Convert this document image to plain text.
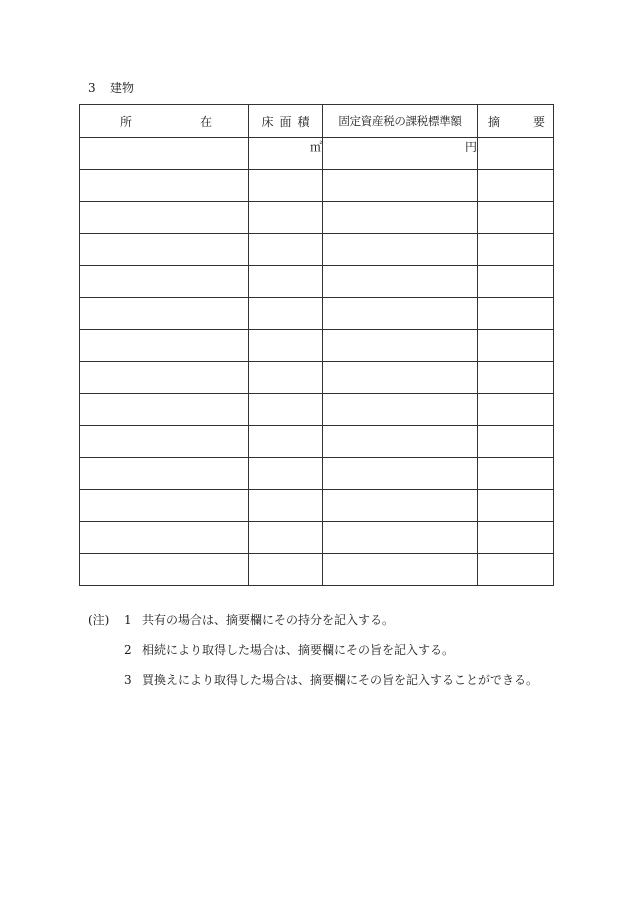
3 建物
所 在	床 面 積	固定資産税の課税標準額	摘 要

	㎡	円	

(注) 1 共有の場合は、摘要欄にその持分を記入する。
2 相続により取得した場合は、摘要欄にその旨を記入する。
3 買換えにより取得した場合は、摘要欄にその旨を記入することができる。
